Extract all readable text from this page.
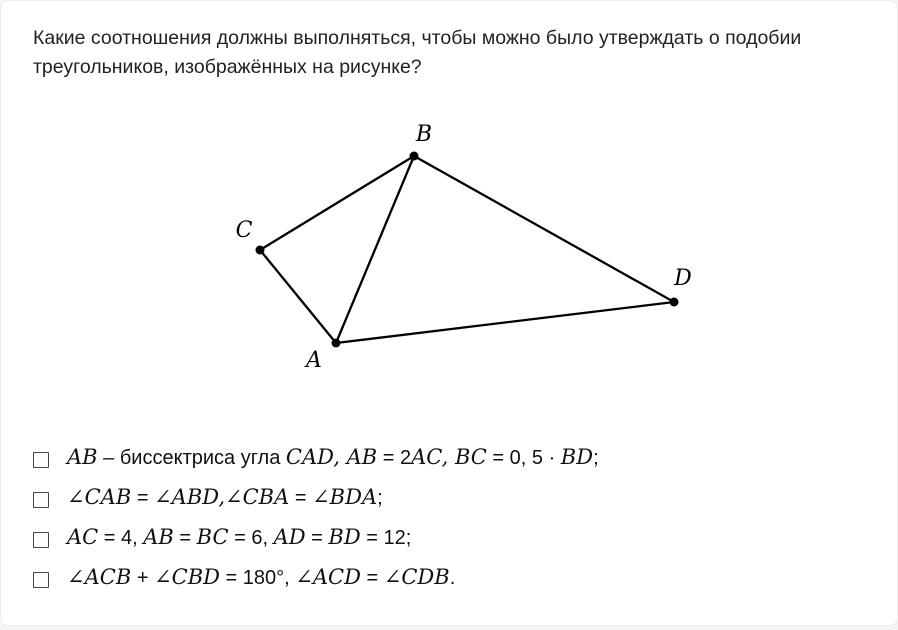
Какие соотношения должны выполняться, чтобы можно было утверждать о подобии треугольников, изображённых на рисунке?

A
B
C
D
AB – биссектриса угла CAD, AB = 2AC, BC = 0, 5 · BD;
∠CAB = ∠ABD,∠CBA = ∠BDA;
AC = 4, AB = BC = 6, AD = BD = 12;
∠ACB + ∠CBD = 180°, ∠ACD = ∠CDB.
